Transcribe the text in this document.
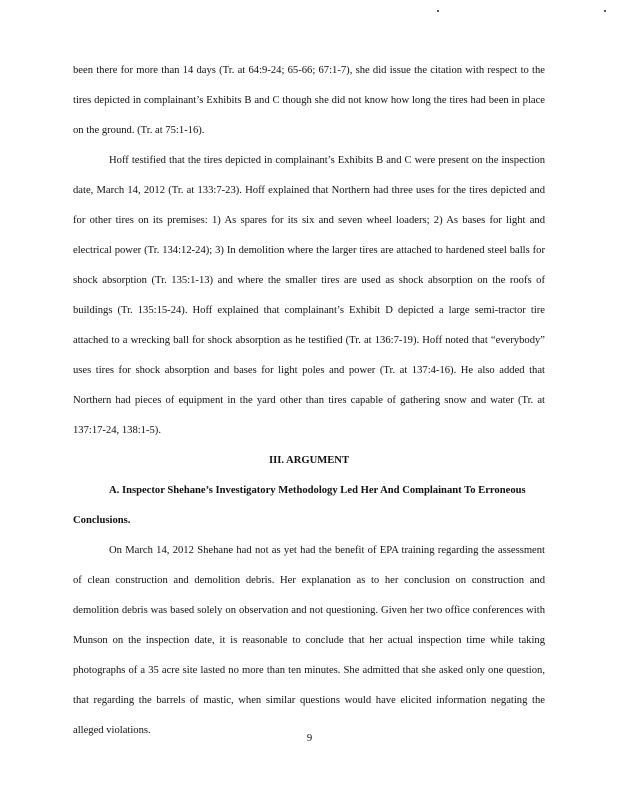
been there for more than 14 days (Tr. at 64:9-24; 65-66; 67:1-7), she did issue the citation with respect to the tires depicted in complainant’s Exhibits B and C though she did not know how long the tires had been in place on the ground. (Tr. at 75:1-16).
Hoff testified that the tires depicted in complainant’s Exhibits B and C were present on the inspection date, March 14, 2012 (Tr. at 133:7-23). Hoff explained that Northern had three uses for the tires depicted and for other tires on its premises: 1) As spares for its six and seven wheel loaders; 2) As bases for light and electrical power (Tr. 134:12-24); 3) In demolition where the larger tires are attached to hardened steel balls for shock absorption (Tr. 135:1-13) and where the smaller tires are used as shock absorption on the roofs of buildings (Tr. 135:15-24). Hoff explained that complainant’s Exhibit D depicted a large semi-tractor tire attached to a wrecking ball for shock absorption as he testified (Tr. at 136:7-19). Hoff noted that “everybody” uses tires for shock absorption and bases for light poles and power (Tr. at 137:4-16). He also added that Northern had pieces of equipment in the yard other than tires capable of gathering snow and water (Tr. at 137:17-24, 138:1-5).
III. ARGUMENT
A. Inspector Shehane’s Investigatory Methodology Led Her And Complainant To Erroneous Conclusions.
On March 14, 2012 Shehane had not as yet had the benefit of EPA training regarding the assessment of clean construction and demolition debris. Her explanation as to her conclusion on construction and demolition debris was based solely on observation and not questioning. Given her two office conferences with Munson on the inspection date, it is reasonable to conclude that her actual inspection time while taking photographs of a 35 acre site lasted no more than ten minutes. She admitted that she asked only one question, that regarding the barrels of mastic, when similar questions would have elicited information negating the alleged violations.
9
